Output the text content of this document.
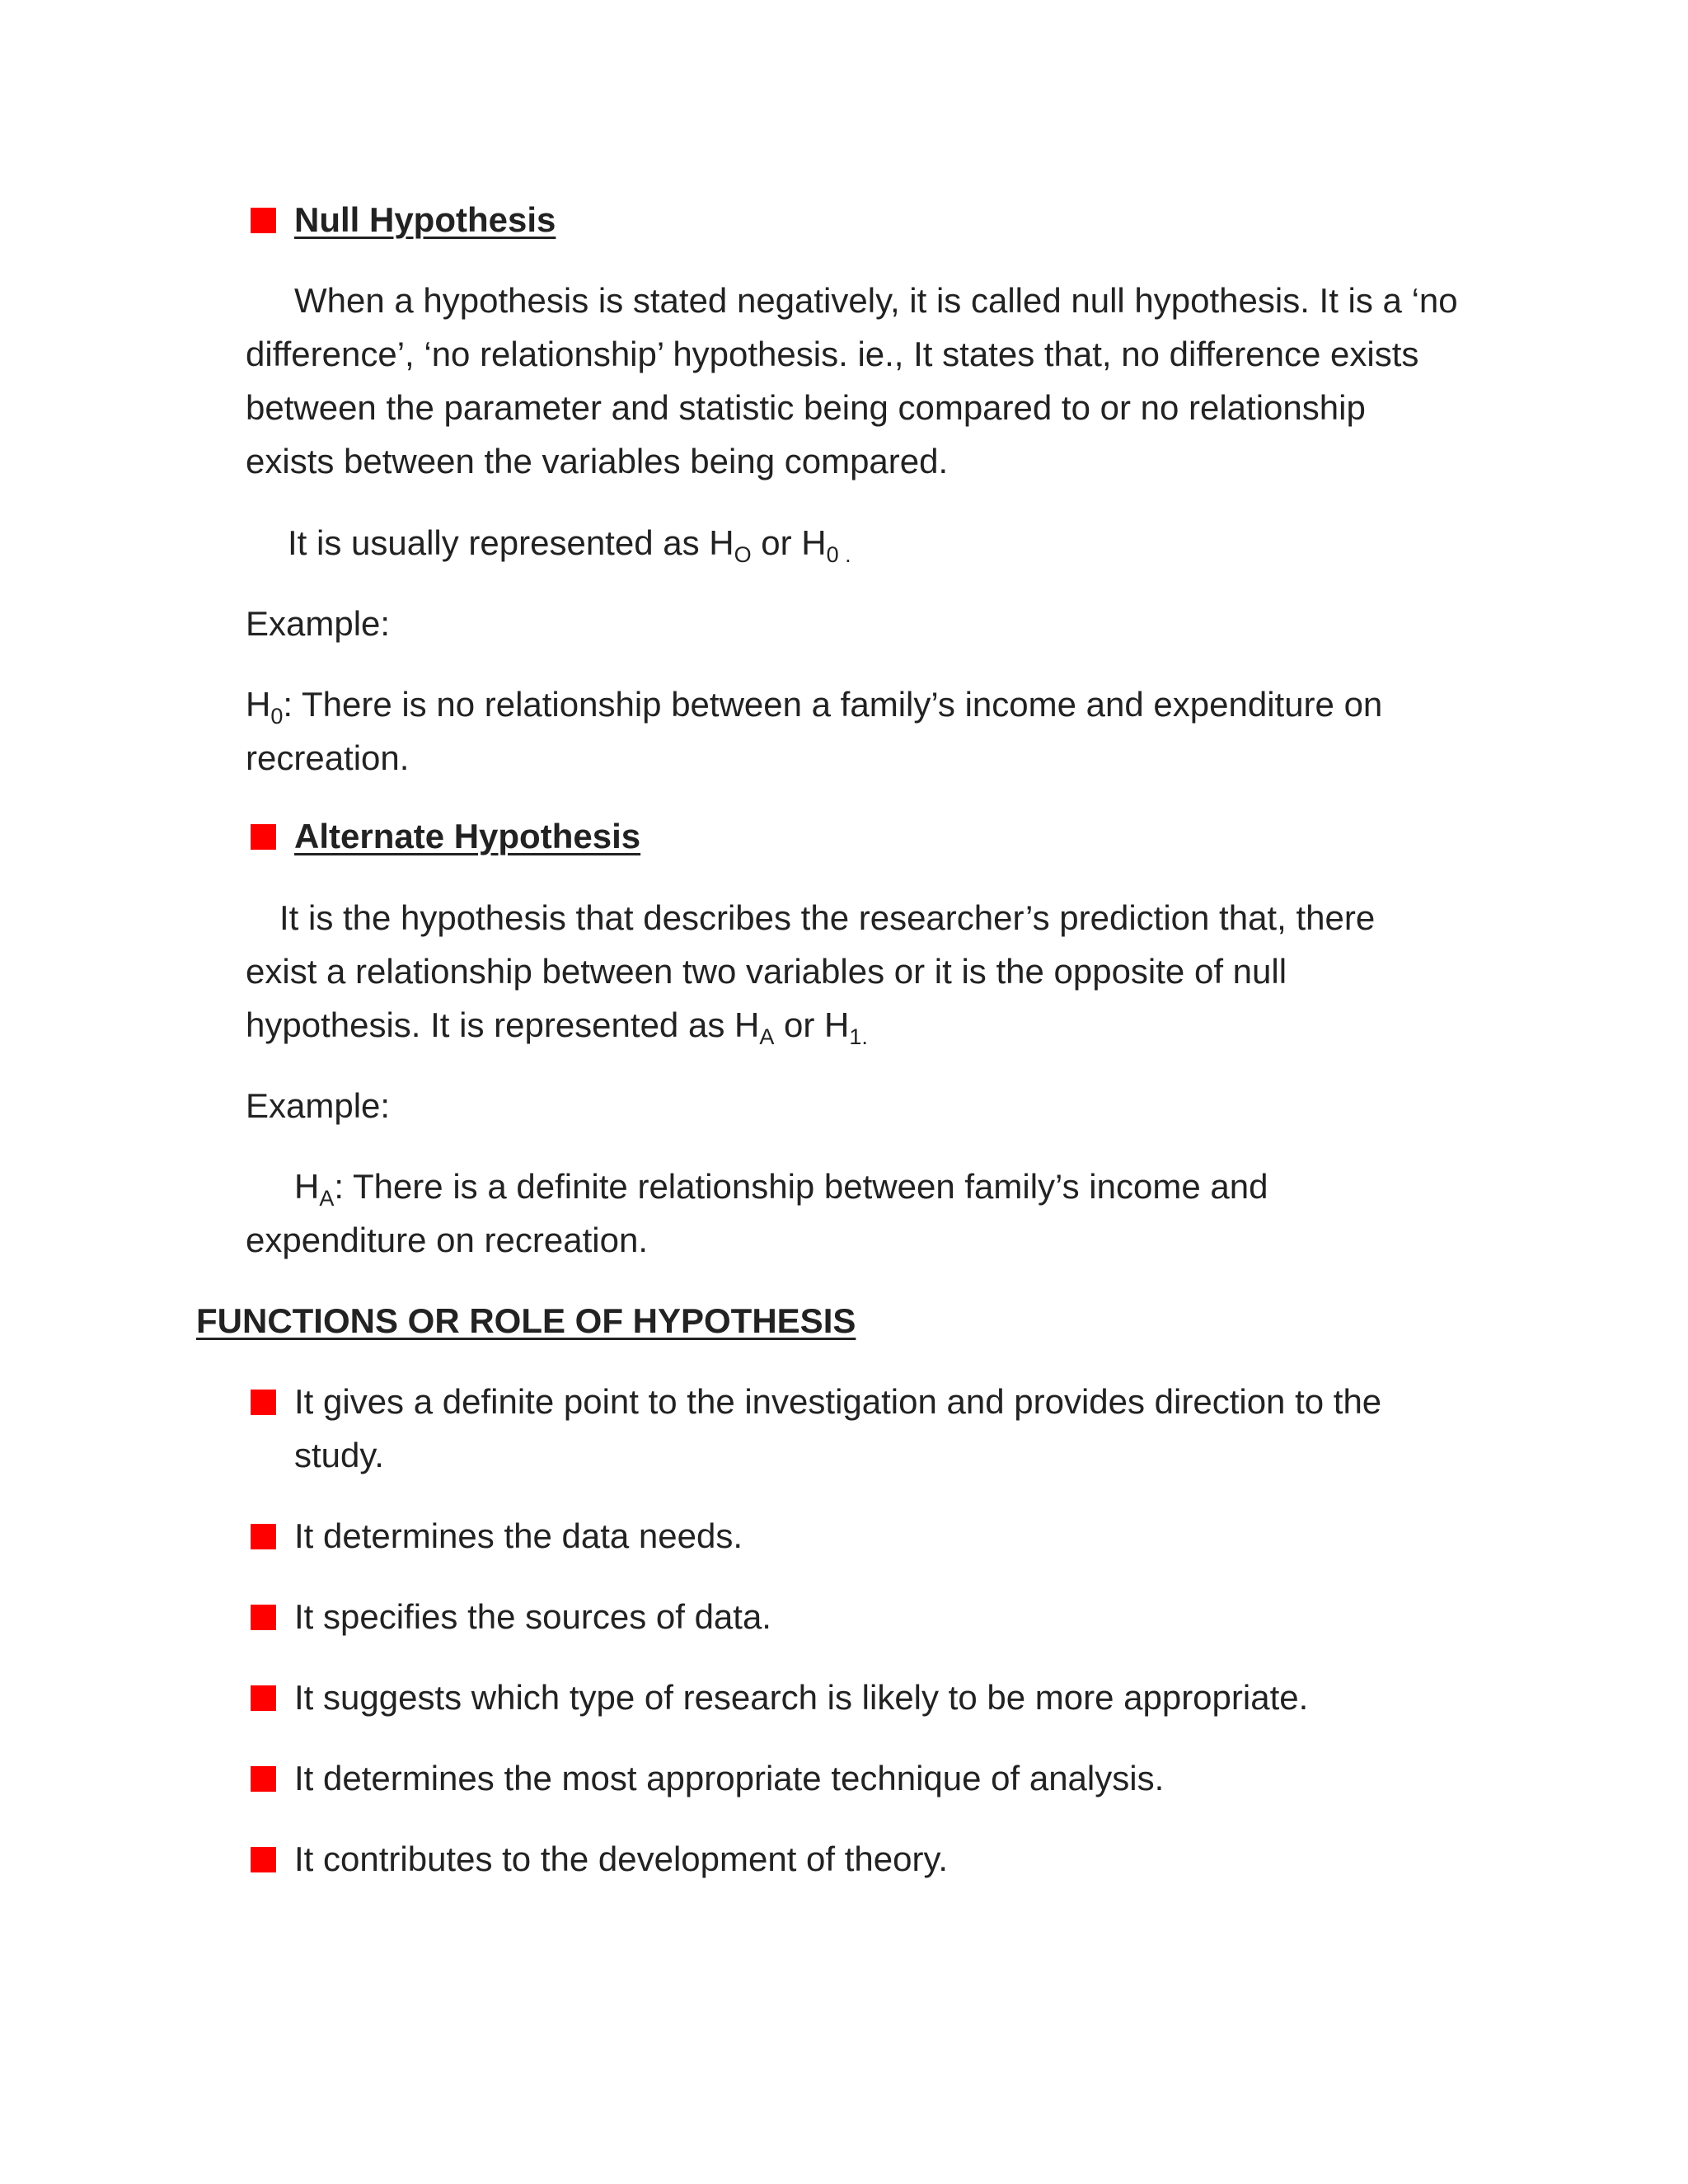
Null Hypothesis

When a hypothesis is stated negatively, it is called null hypothesis. It is a ‘no

difference’, ‘no relationship’ hypothesis. ie., It states that, no difference exists

between the parameter and statistic being compared to or no relationship

exists between the variables being compared.

It is usually represented as $H_O$ or $H_{0 .}$

Example:

$H_0$: There is no relationship between a family’s income and expenditure on

recreation.

Alternate Hypothesis

It is the hypothesis that describes the researcher’s prediction that, there

exist a relationship between two variables or it is the opposite of null

hypothesis. It is represented as $H_A$ or $H_{1.}$

Example:

$H_A$: There is a definite relationship between family’s income and

expenditure on recreation.

FUNCTIONS OR ROLE OF HYPOTHESIS

It gives a definite point to the investigation and provides direction to the

study.

It determines the data needs.

It specifies the sources of data.

It suggests which type of research is likely to be more appropriate.

It determines the most appropriate technique of analysis.

It contributes to the development of theory.
